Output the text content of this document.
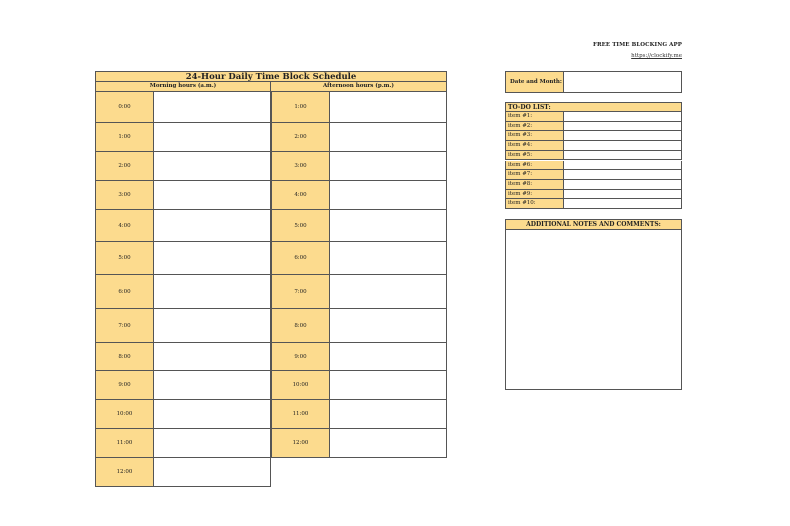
FREE TIME BLOCKING APP
https://clockify.me
24-Hour Daily Time Block Schedule
Morning hours (a.m.)	Afternoon hours (p.m.)
0:00
1:00
2:00
3:00
4:00
5:00
6:00
7:00
8:00
9:00
10:00
11:00
12:00
1:00
2:00
3:00
4:00
5:00
6:00
7:00
8:00
9:00
10:00
11:00
12:00
Date and Month:
TO-DO LIST:
item #1:
item #2:
item #3:
item #4:
item #5:
item #6:
item #7:
item #8:
item #9:
item #10:
ADDITIONAL NOTES AND COMMENTS:
